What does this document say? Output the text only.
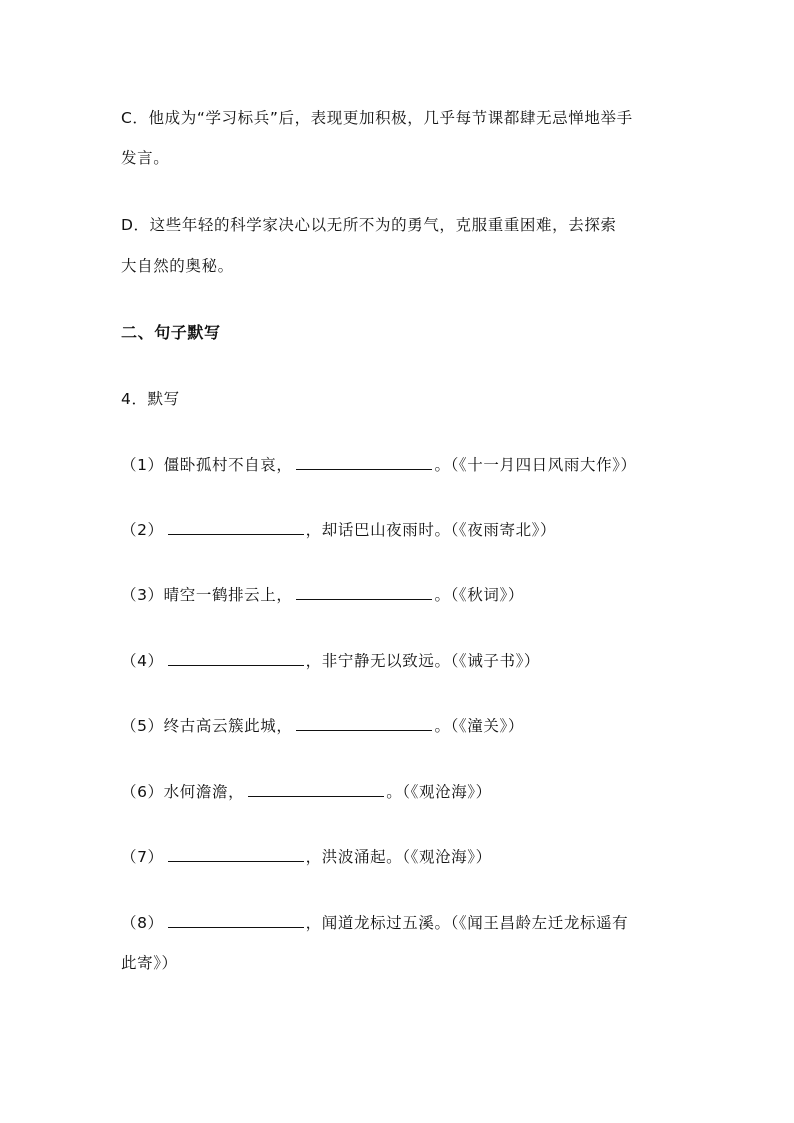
C．他成为“学习标兵”后，表现更加积极，几乎每节课都肆无忌惮地举手
发言。
D．这些年轻的科学家决心以无所不为的勇气，克服重重困难，去探索
大自然的奥秘。
二、句子默写
4．默写
（1）僵卧孤村不自哀，	。（《十一月四日风雨大作》）
（2）	，却话巴山夜雨时。（《夜雨寄北》）
（3）晴空一鹤排云上，	。（《秋词》）
（4）	，非宁静无以致远。（《诫子书》）
（5）终古高云簇此城，	。（《潼关》）
（6）水何澹澹，	。（《观沧海》）
（7）	，洪波涌起。（《观沧海》）
（8）	，闻道龙标过五溪。（《闻王昌龄左迁龙标遥有
此寄》）
